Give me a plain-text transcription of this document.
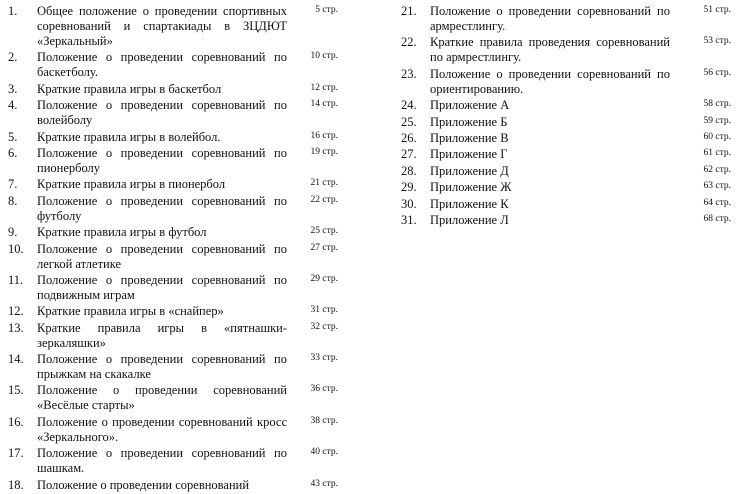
1.	Общее положение о проведении спортивных соревнований и спартакиады в ЗЦДЮТ «Зеркальный»
5 стр.
2.	Положение о проведении соревнований по баскетболу.
10 стр.
3.	Краткие правила игры в баскетбол	12 стр.
4.	Положение о проведении соревнований по волейболу
14 стр.
5.	Краткие правила игры в волейбол.	16 стр.
6.	Положение о проведении соревнований по пионерболу
19 стр.
7.	Краткие правила игры в пионербол	21 стр.
8.	Положение о проведении соревнований по футболу
22 стр.
9.	Краткие правила игры в футбол	25 стр.
10.	Положение о проведении соревнований по легкой атлетике
27 стр.
11.	Положение о проведении соревнований по подвижным играм
29 стр.
12.	Краткие правила игры в «снайпер»	31 стр.
13.	Краткие правила игры в «пятнашки-зеркаляшки»
32 стр.
14.	Положение о проведении соревнований по прыжкам на скакалке
33 стр.
15.	Положение о проведении соревнований «Весёлые старты»
36 стр.
16.	Положение о проведении соревнований кросс «Зеркального».
38 стр.
17.	Положение о проведении соревнований по шашкам.
40 стр.
18.	Положение о проведении соревнований	43 стр.
21.	Положение о проведении соревнований по армрестлингу.
51 стр.
22.	Краткие правила проведения соревнований по армрестлингу.
53 стр.
23.	Положение о проведении соревнований по ориентированию.
56 стр.
24.	Приложение А	58 стр.
25.	Приложение Б	59 стр.
26.	Приложение В	60 стр.
27.	Приложение Г	61 стр.
28.	Приложение Д	62 стр.
29.	Приложение Ж	63 стр.
30.	Приложение К	64 стр.
31.	Приложение Л	68 стр.
